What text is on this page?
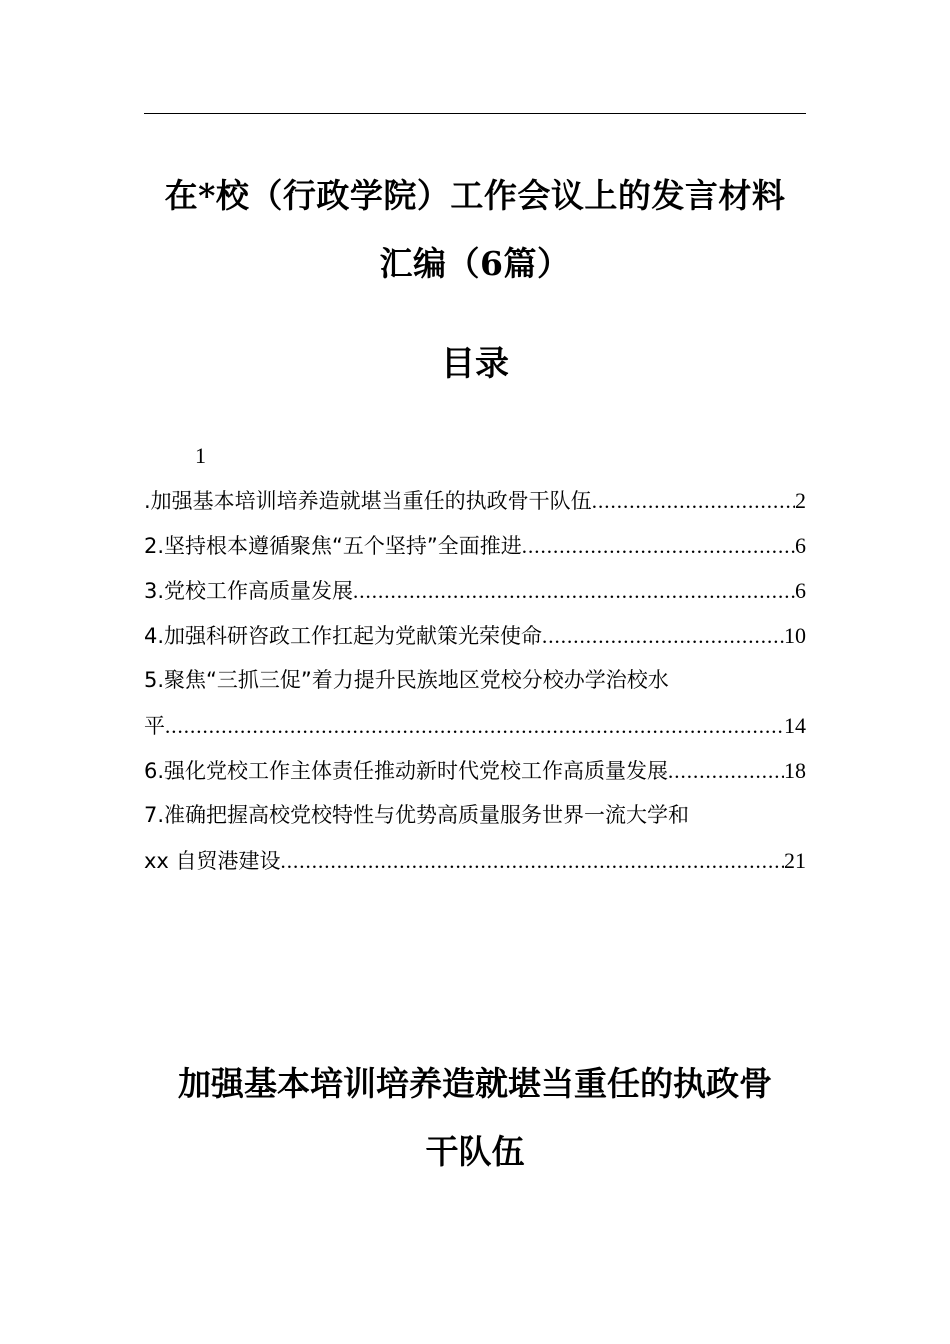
在*校（行政学院）工作会议上的发言材料
汇编（6篇）
目录
1
.加强基本培训培养造就堪当重任的执政骨干队伍 .....	2
2.坚持根本遵循聚焦“五个坚持”全面推进 .....	6
3.党校工作高质量发展 .....	6
4.加强科研咨政工作扛起为党献策光荣使命 .....	10
5.聚焦“三抓三促”着力提升民族地区党校分校办学治校水
平 .....	14
6.强化党校工作主体责任推动新时代党校工作高质量发展 .....	18
7.准确把握高校党校特性与优势高质量服务世界一流大学和
xx 自贸港建设 .....	21
加强基本培训培养造就堪当重任的执政骨
干队伍
